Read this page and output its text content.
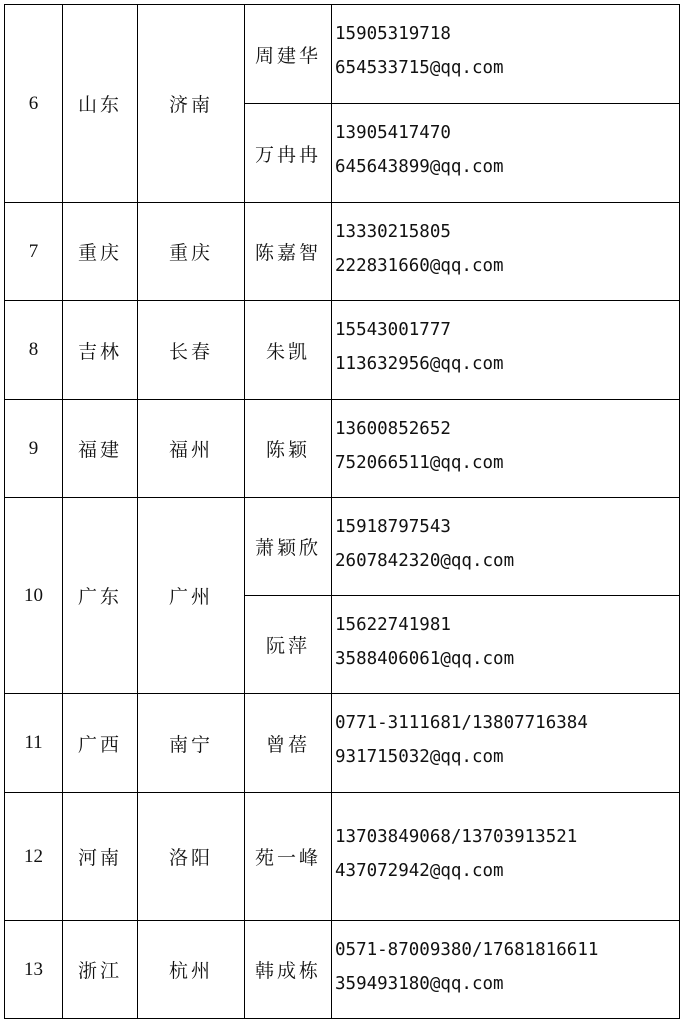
6	山东	济南	周建华	15905319718
654533715@qq.com

			万冉冉	13905417470
645643899@qq.com

7	重庆	重庆	陈嘉智	13330215805
222831660@qq.com

8	吉林	长春	朱凯	15543001777
113632956@qq.com

9	福建	福州	陈颖	13600852652
752066511@qq.com

10	广东	广州	萧颖欣	15918797543
2607842320@qq.com

			阮萍	15622741981
3588406061@qq.com

11	广西	南宁	曾蓓	0771-3111681/13807716384
931715032@qq.com

12	河南	洛阳	苑一峰	13703849068/13703913521
437072942@qq.com

13	浙江	杭州	韩成栋	0571-87009380/17681816611
359493180@qq.com
